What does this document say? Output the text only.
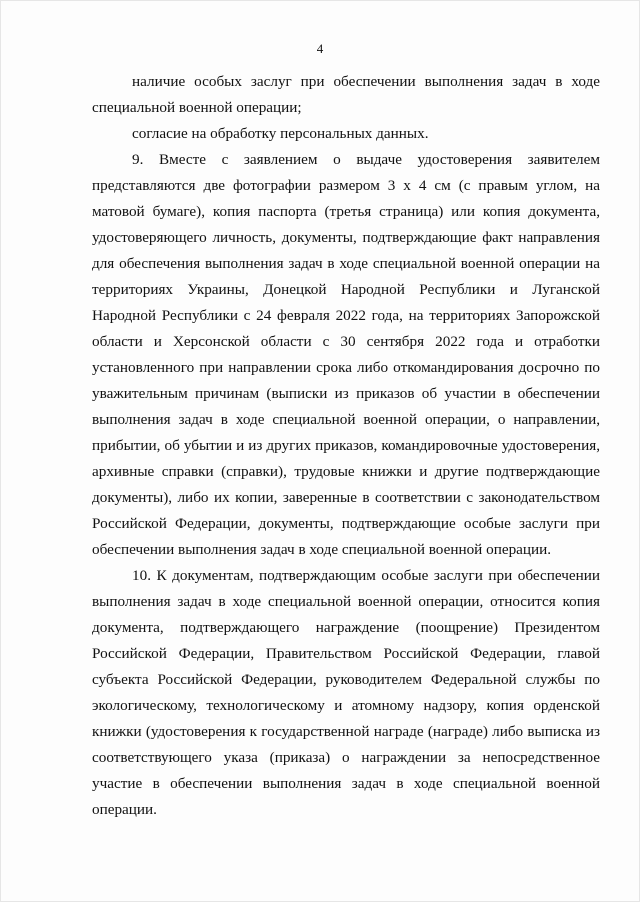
4

наличие особых заслуг при обеспечении выполнения задач в ходе специальной военной операции;

согласие на обработку персональных данных.

9. Вместе с заявлением о выдаче удостоверения заявителем представляются две фотографии размером 3 х 4 см (с правым углом, на матовой бумаге), копия паспорта (третья страница) или копия документа, удостоверяющего личность, документы, подтверждающие факт направления для обеспечения выполнения задач в ходе специальной военной операции на территориях Украины, Донецкой Народной Республики и Луганской Народной Республики с 24 февраля 2022 года, на территориях Запорожской области и Херсонской области с 30 сентября 2022 года и отработки установленного при направлении срока либо откомандирования досрочно по уважительным причинам (выписки из приказов об участии в обеспечении выполнения задач в ходе специальной военной операции, о направлении, прибытии, об убытии и из других приказов, командировочные удостоверения, архивные справки (справки), трудовые книжки и другие подтверждающие документы), либо их копии, заверенные в соответствии с законодательством Российской Федерации, документы, подтверждающие особые заслуги при обеспечении выполнения задач в ходе специальной военной операции.

10. К документам, подтверждающим особые заслуги при обеспечении выполнения задач в ходе специальной военной операции, относится копия документа, подтверждающего награждение (поощрение) Президентом Российской Федерации, Правительством Российской Федерации, главой субъекта Российской Федерации, руководителем Федеральной службы по экологическому, технологическому и атомному надзору, копия орденской книжки (удостоверения к государственной награде (награде) либо выписка из соответствующего указа (приказа) о награждении за непосредственное участие в обеспечении выполнения задач в ходе специальной военной операции.
